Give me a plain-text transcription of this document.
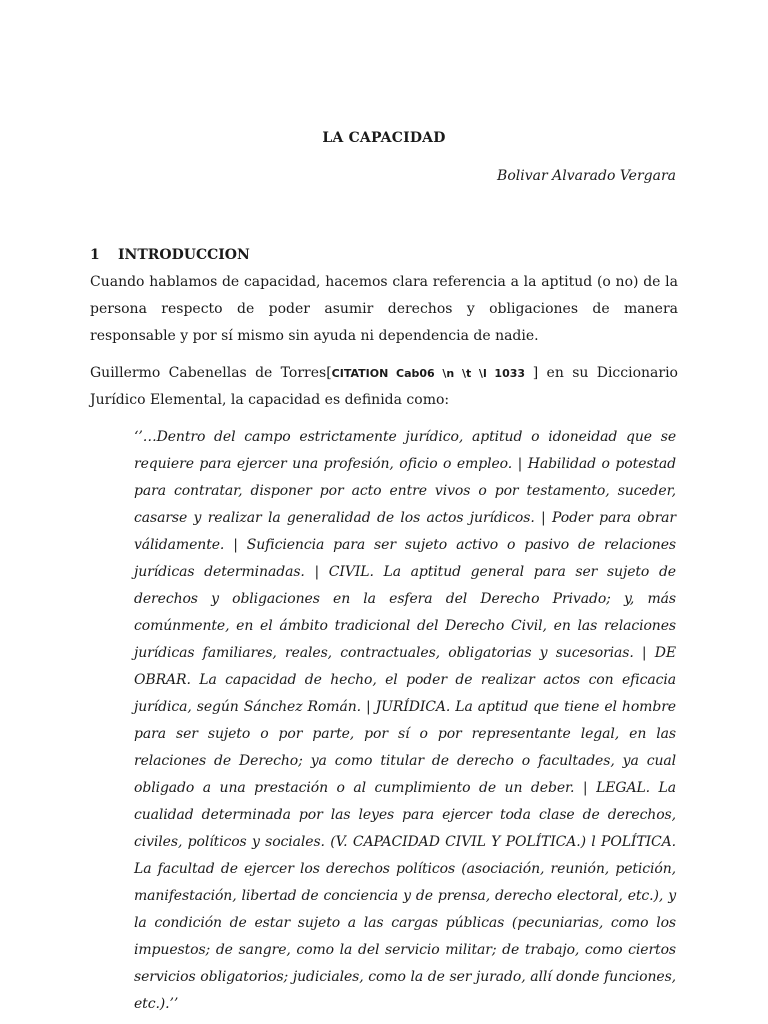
LA CAPACIDAD
Bolivar Alvarado Vergara
1 INTRODUCCION
Cuando hablamos de capacidad, hacemos clara referencia a la aptitud (o no) de la persona respecto de poder asumir derechos y obligaciones de manera responsable y por sí mismo sin ayuda ni dependencia de nadie.
Guillermo Cabenellas de Torres[CITATION Cab06 \n \t \l 1033 ] en su Diccionario Jurídico Elemental, la capacidad es definida como:
‘’…Dentro del campo estrictamente jurídico, aptitud o idoneidad que se requiere para ejercer una profesión, oficio o empleo. | Habilidad o potestad para contratar, disponer por acto entre vivos o por testamento, suceder, casarse y realizar la generalidad de los actos jurídicos. | Poder para obrar válidamente. | Suficiencia para ser sujeto activo o pasivo de relaciones jurídicas determinadas. | CIVIL. La aptitud general para ser sujeto de derechos y obligaciones en la esfera del Derecho Privado; y, más comúnmente, en el ámbito tradicional del Derecho Civil, en las relaciones jurídicas familiares, reales, contractuales, obligatorias y sucesorias. | DE OBRAR. La capacidad de hecho, el poder de realizar actos con eficacia jurídica, según Sánchez Román. | JURÍDICA. La aptitud que tiene el hombre para ser sujeto o por parte, por sí o por representante legal, en las relaciones de Derecho; ya como titular de derecho o facultades, ya cual obligado a una prestación o al cumplimiento de un deber. | LEGAL. La cualidad determinada por las leyes para ejercer toda clase de derechos, civiles, políticos y sociales. (V. CAPACIDAD CIVIL Y POLÍTICA.) l POLÍTICA. La facultad de ejercer los derechos políticos (asociación, reunión, petición, manifestación, libertad de conciencia y de prensa, derecho electoral, etc.), y la condición de estar sujeto a las cargas públicas (pecuniarias, como los impuestos; de sangre, como la del servicio militar; de trabajo, como ciertos servicios obligatorios; judiciales, como la de ser jurado, allí donde funciones, etc.).’’
